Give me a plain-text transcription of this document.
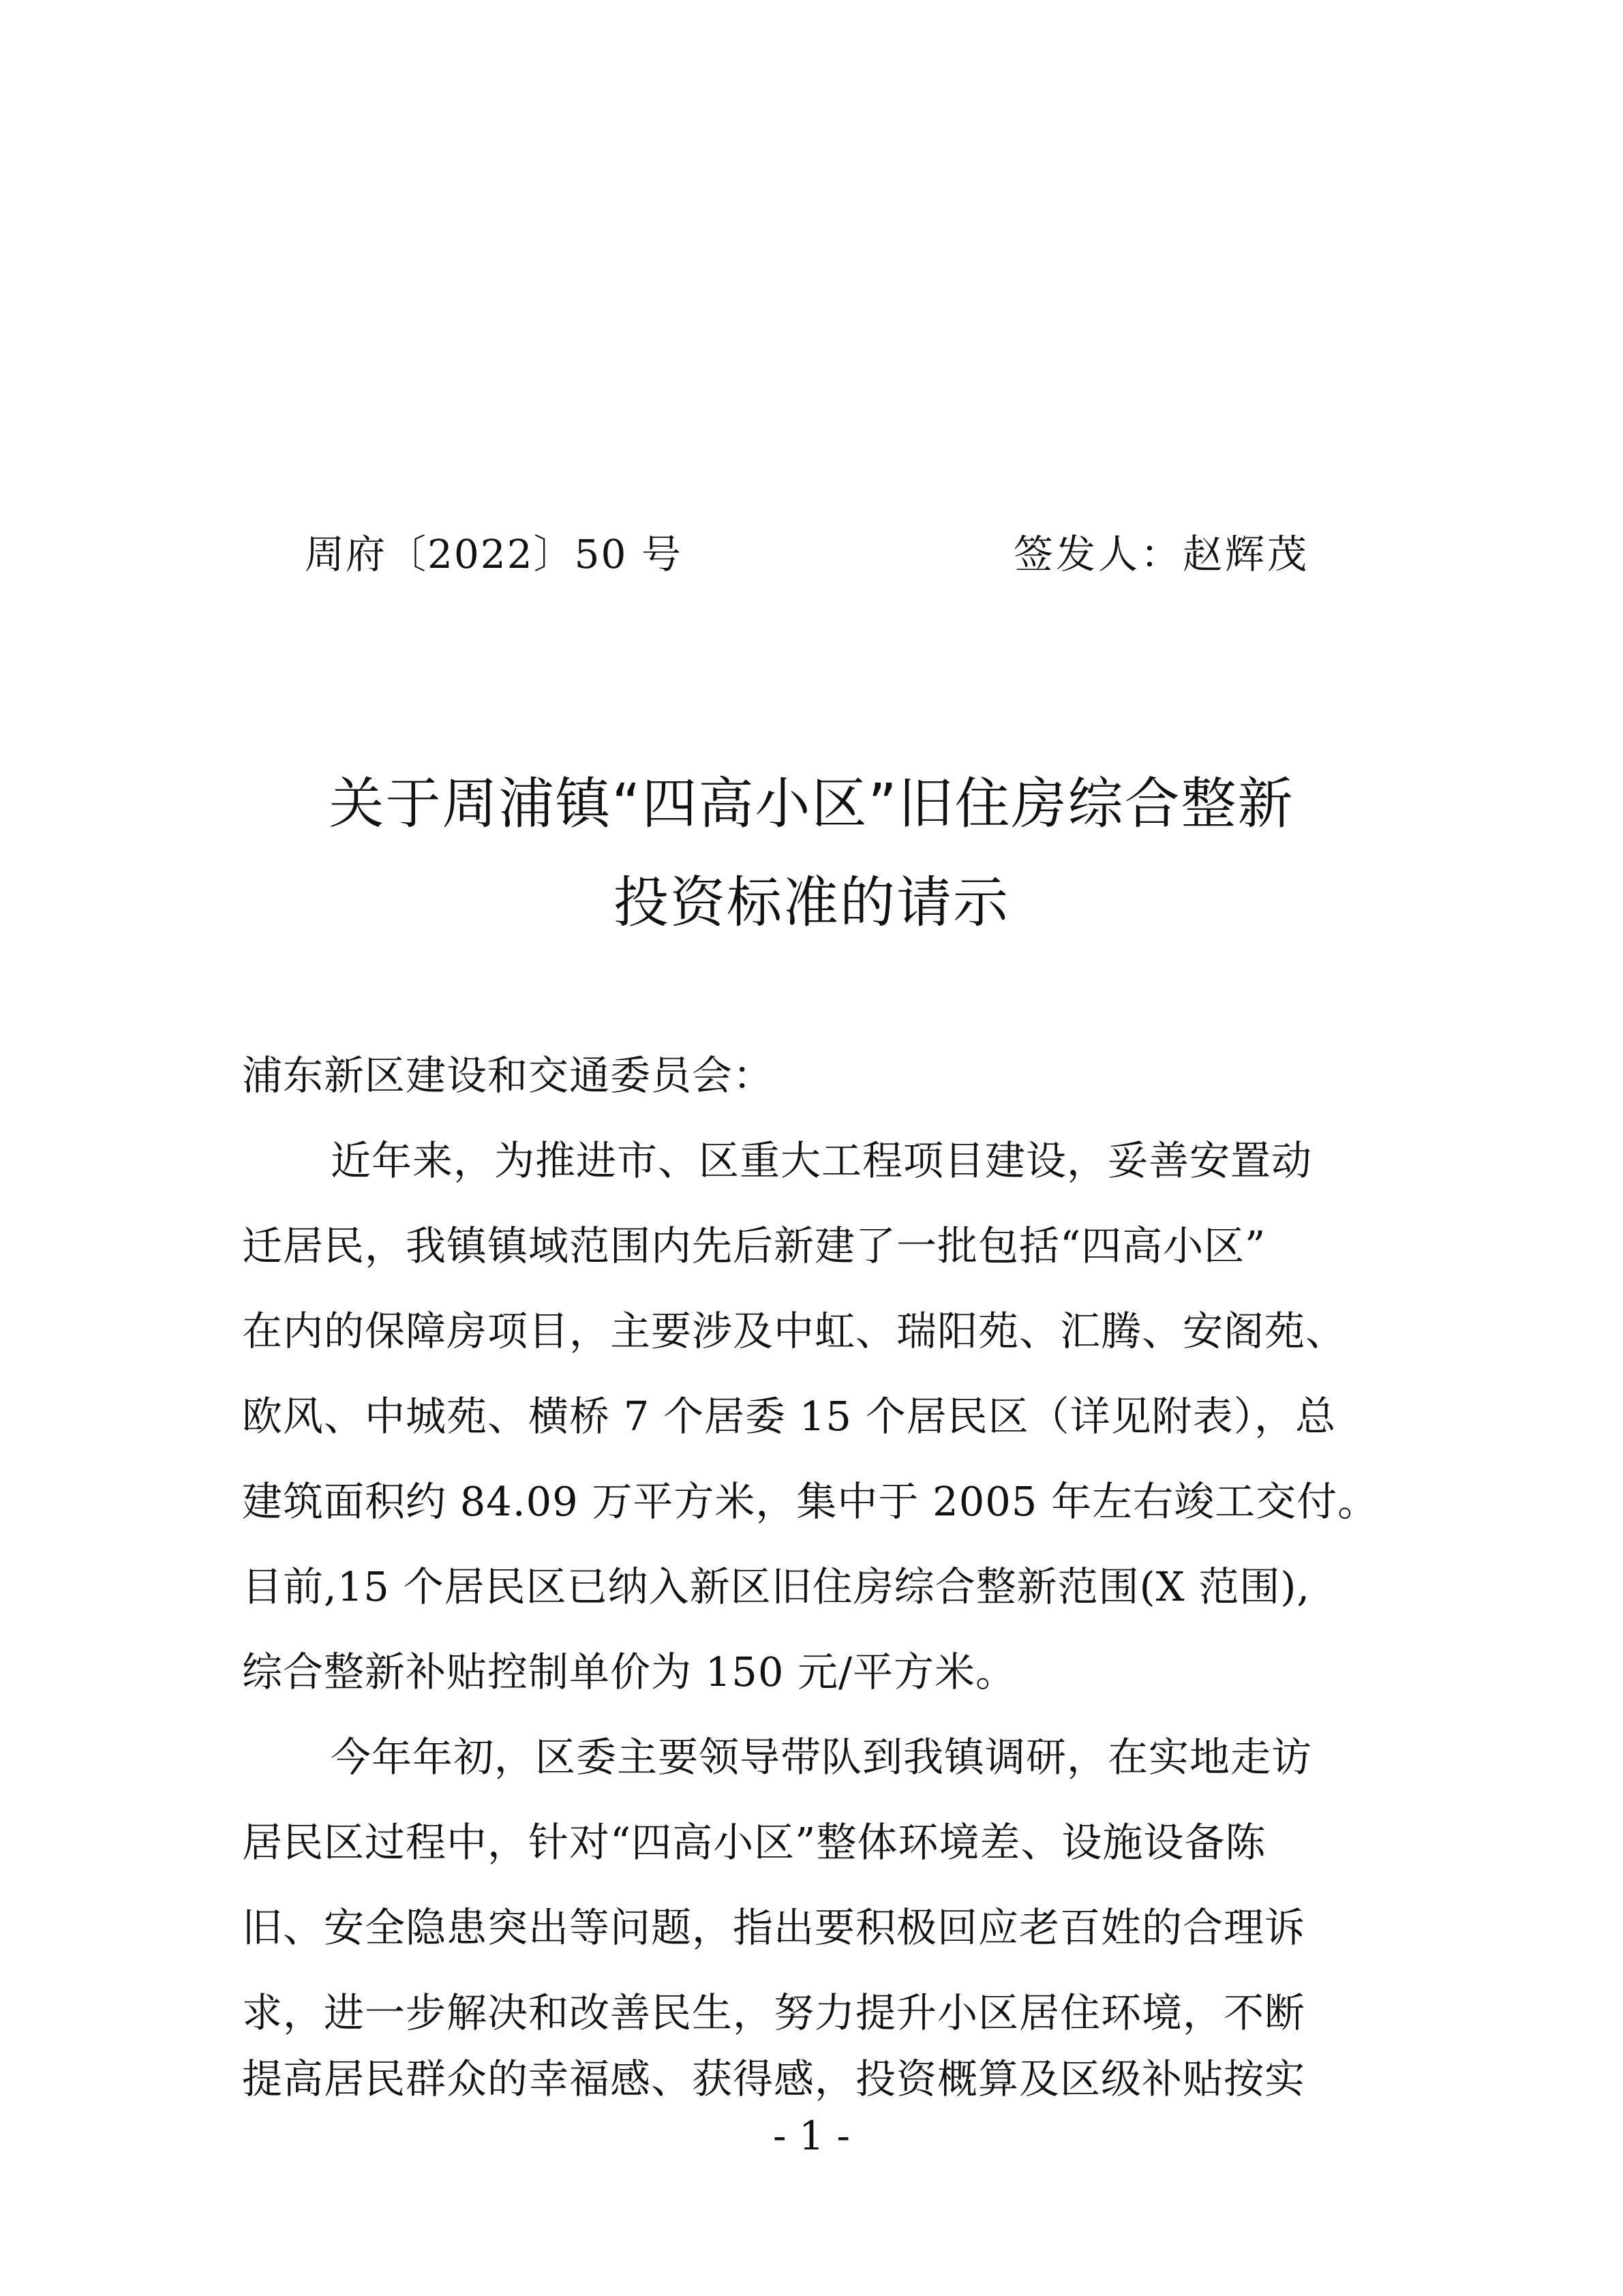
周府〔2022〕50 号	签发人：赵辉茂
关于周浦镇“四高小区”旧住房综合整新
投资标准的请示
浦东新区建设和交通委员会：
近年来，为推进市、区重大工程项目建设，妥善安置动
迁居民，我镇镇域范围内先后新建了一批包括“四高小区”
在内的保障房项目，主要涉及中虹、瑞阳苑、汇腾、安阁苑、
欧风、中城苑、横桥 7 个居委 15 个居民区（详见附表），总
建筑面积约 84.09 万平方米，集中于 2005 年左右竣工交付。
目前,15 个居民区已纳入新区旧住房综合整新范围(X 范围),
综合整新补贴控制单价为 150 元/平方米。
今年年初，区委主要领导带队到我镇调研，在实地走访
居民区过程中，针对“四高小区”整体环境差、设施设备陈
旧、安全隐患突出等问题，指出要积极回应老百姓的合理诉
求，进一步解决和改善民生，努力提升小区居住环境，不断
提高居民群众的幸福感、获得感，投资概算及区级补贴按实
- 1 -
